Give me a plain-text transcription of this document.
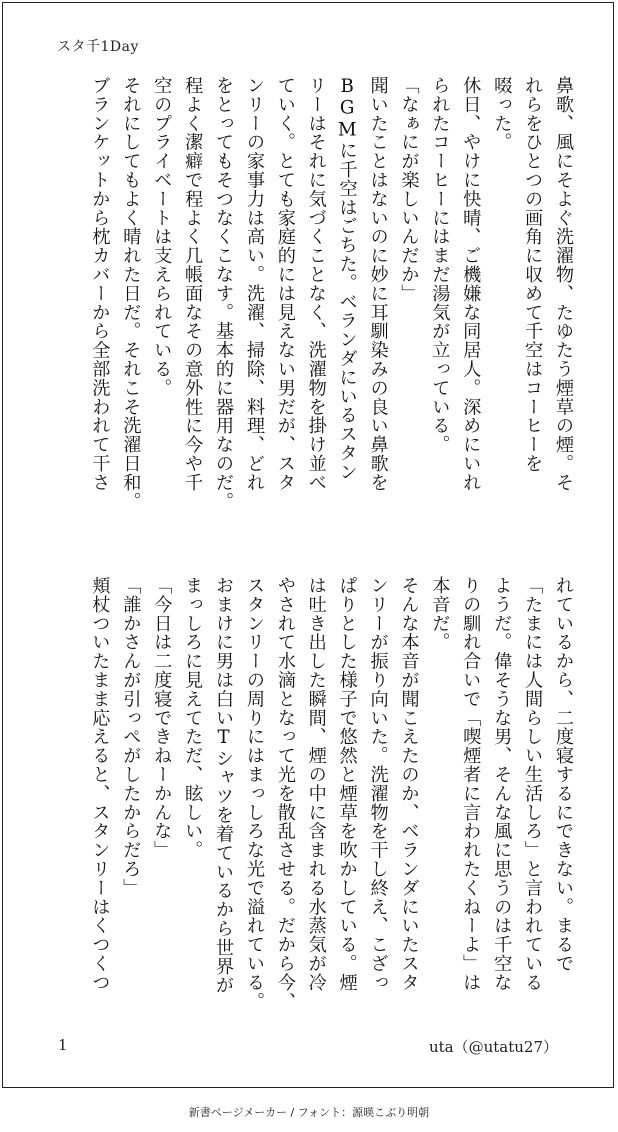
スタ千1Day
鼻歌、風にそよぐ洗濯物、たゆたう煙草の煙。そ
れらをひとつの画角に収めて千空はコーヒーを
啜った。
休日、やけに快晴、ご機嫌な同居人。深めにいれ
られたコーヒーにはまだ湯気が立っている。
「なぁにが楽しいんだか」
聞いたことはないのに妙に耳馴染みの良い鼻歌を
BGMに千空はごちた。ベランダにいるスタン
リーはそれに気づくことなく、洗濯物を掛け並べ
ていく。とても家庭的には見えない男だが、スタ
ンリーの家事力は高い。洗濯、掃除、料理、どれ
をとってもそつなくこなす。基本的に器用なのだ。
程よく潔癖で程よく几帳面なその意外性に今や千
空のプライベートは支えられている。
それにしてもよく晴れた日だ。それこそ洗濯日和。
ブランケットから枕カバーから全部洗われて干さ
れているから、二度寝するにできない。まるで
「たまには人間らしい生活しろ」と言われている
ようだ。偉そうな男、そんな風に思うのは千空な
りの馴れ合いで「喫煙者に言われたくねーよ」は
本音だ。
そんな本音が聞こえたのか、ベランダにいたスタ
ンリーが振り向いた。洗濯物を干し終え、こざっ
ぱりとした様子で悠然と煙草を吹かしている。煙
は吐き出した瞬間、煙の中に含まれる水蒸気が冷
やされて水滴となって光を散乱させる。だから今、
スタンリーの周りにはまっしろな光で溢れている。
おまけに男は白いTシャツを着ているから世界が
まっしろに見えてただ、眩しい。
「今日は二度寝できねーかんな」
「誰かさんが引っぺがしたからだろ」
頬杖ついたまま応えると、スタンリーはくつくつ
1	uta（@utatu27）
新書ページメーカー / フォント：源暎こぶり明朝
